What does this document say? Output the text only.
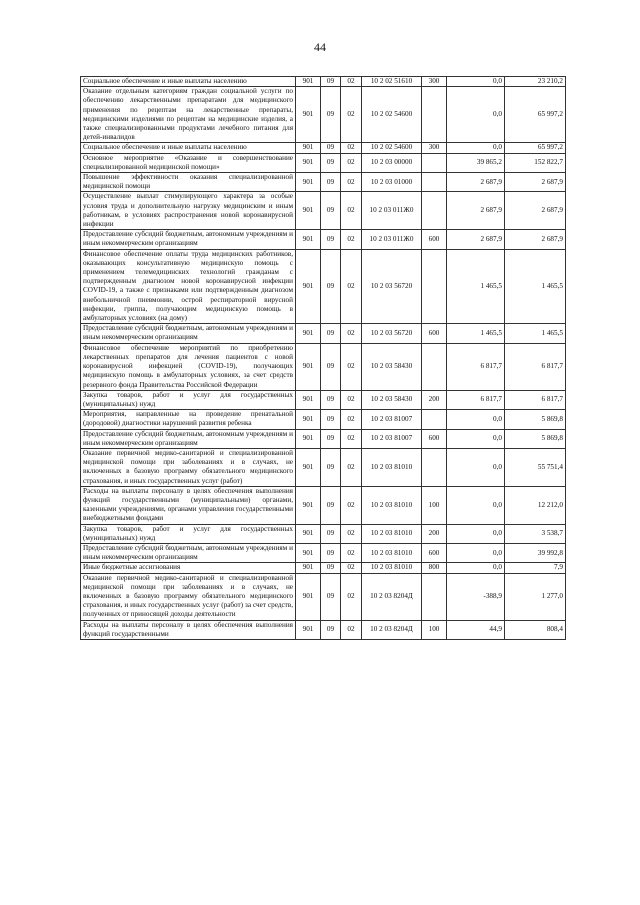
44
Социальное обеспечение и иные выплаты населению	901	09	02	10 2 02 51610	300	0,0	23 210,2
Оказание отдельным категориям граждан социальной услуги по обеспечению лекарственными препаратами для медицинского применения по рецептам на лекарственные препараты, медицинскими изделиями по рецептам на медицинские изделия, а также специализированными продуктами лечебного питания для детей-инвалидов	901	09	02	10 2 02 54600		0,0	65 997,2
Социальное обеспечение и иные выплаты населению	901	09	02	10 2 02 54600	300	0,0	65 997,2
Основное мероприятие «Оказание и совершенствование специализированной медицинской помощи»	901	09	02	10 2 03 00000		39 865,2	152 822,7
Повышение эффективности оказания специализированной медицинской помощи	901	09	02	10 2 03 01000		2 687,9	2 687,9
Осуществление выплат стимулирующего характера за особые условия труда и дополнительную нагрузку медицинским и иным работникам, в условиях распространения новой коронавирусной инфекции	901	09	02	10 2 03 011Ж0		2 687,9	2 687,9
Предоставление субсидий бюджетным, автономным учреждениям и иным некоммерческим организациям	901	09	02	10 2 03 011Ж0	600	2 687,9	2 687,9
Финансовое обеспечение оплаты труда медицинских работников, оказывающих консультативную медицинскую помощь с применением телемедицинских технологий гражданам с подтвержденным диагнозом новой коронавирусной инфекции COVID-19, а также с признаками или подтвержденным диагнозом внебольничной пневмонии, острой респираторной вирусной инфекции, гриппа, получающим медицинскую помощь в амбулаторных условиях (на дому)	901	09	02	10 2 03 56720		1 465,5	1 465,5
Предоставление субсидий бюджетным, автономным учреждениям и иным некоммерческим организациям	901	09	02	10 2 03 56720	600	1 465,5	1 465,5
Финансовое обеспечение мероприятий по приобретению лекарственных препаратов для лечения пациентов с новой коронавирусной инфекцией (COVID-19), получающих медицинскую помощь в амбулаторных условиях, за счет средств резервного фонда Правительства Российской Федерации	901	09	02	10 2 03 58430		6 817,7	6 817,7
Закупка товаров, работ и услуг для государственных (муниципальных) нужд	901	09	02	10 2 03 58430	200	6 817,7	6 817,7
Мероприятия, направленные на проведение пренатальной (дородовой) диагностики нарушений развития ребенка	901	09	02	10 2 03 81007		0,0	5 869,8
Предоставление субсидий бюджетным, автономным учреждениям и иным некоммерческим организациям	901	09	02	10 2 03 81007	600	0,0	5 869,8
Оказание первичной медико-санитарной и специализированной медицинской помощи при заболеваниях и в случаях, не включенных в базовую программу обязательного медицинского страхования, и иных государственных услуг (работ)	901	09	02	10 2 03 81010		0,0	55 751,4
Расходы на выплаты персоналу в целях обеспечения выполнения функций государственными (муниципальными) органами, казенными учреждениями, органами управления государственными внебюджетными фондами	901	09	02	10 2 03 81010	100	0,0	12 212,0
Закупка товаров, работ и услуг для государственных (муниципальных) нужд	901	09	02	10 2 03 81010	200	0,0	3 538,7
Предоставление субсидий бюджетным, автономным учреждениям и иным некоммерческим организациям	901	09	02	10 2 03 81010	600	0,0	39 992,8
Иные бюджетные ассигнования	901	09	02	10 2 03 81010	800	0,0	7,9
Оказание первичной медико-санитарной и специализированной медицинской помощи при заболеваниях и в случаях, не включенных в базовую программу обязательного медицинского страхования, и иных государственных услуг (работ) за счет средств, полученных от приносящей доходы деятельности	901	09	02	10 2 03 8204Д		-388,9	1 277,0
Расходы на выплаты персоналу в целях обеспечения выполнения функций государственными	901	09	02	10 2 03 8204Д	100	44,9	808,4
